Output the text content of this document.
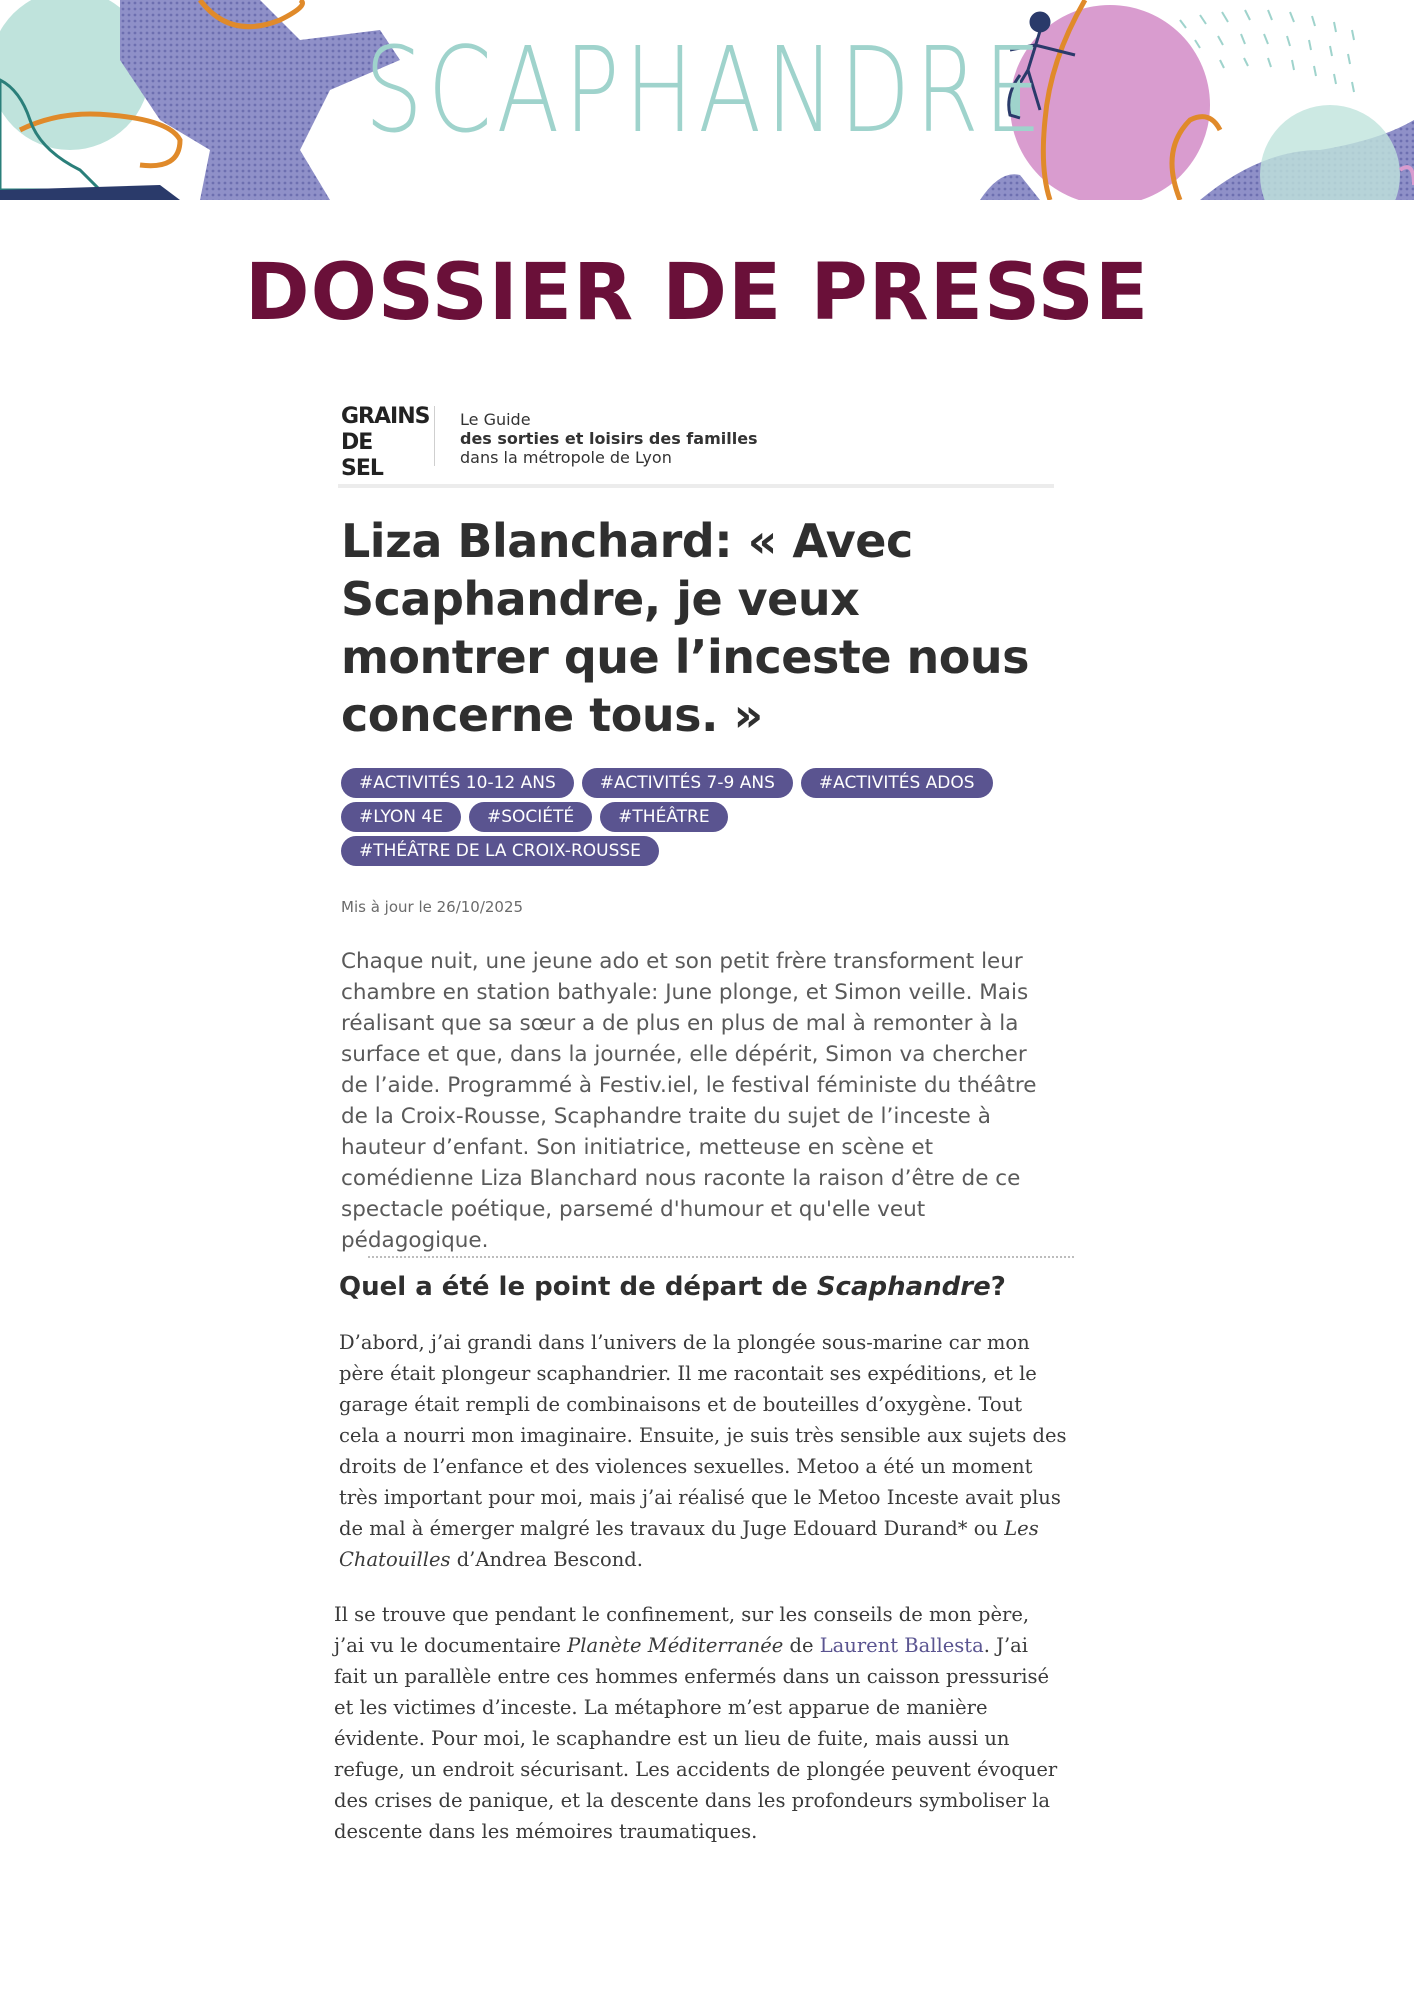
SCAPHANDRE
DOSSIER DE PRESSE
GRAINS
DE SEL
Le Guide
des sorties et loisirs des familles
dans la métropole de Lyon
Liza Blanchard: « Avec Scaphandre, je veux montrer que l’inceste nous concerne tous. »
#ACTIVITÉS 10-12 ANS	#ACTIVITÉS 7-9 ANS	#ACTIVITÉS ADOS
#LYON 4E	#SOCIÉTÉ	#THÉÂTRE
#THÉÂTRE DE LA CROIX-ROUSSE
Mis à jour le 26/10/2025

Chaque nuit, une jeune ado et son petit frère transforment leur chambre en station bathyale: June plonge, et Simon veille. Mais réalisant que sa sœur a de plus en plus de mal à remonter à la surface et que, dans la journée, elle dépérit, Simon va chercher de l’aide. Programmé à Festiv.iel, le festival féministe du théâtre de la Croix-Rousse, Scaphandre traite du sujet de l’inceste à hauteur d’enfant. Son initiatrice, metteuse en scène et comédienne Liza Blanchard nous raconte la raison d’être de ce spectacle poétique, parsemé d'humour et qu'elle veut pédagogique.

Quel a été le point de départ de Scaphandre?

D’abord, j’ai grandi dans l’univers de la plongée sous-marine car mon père était plongeur scaphandrier. Il me racontait ses expéditions, et le garage était rempli de combinaisons et de bouteilles d’oxygène. Tout cela a nourri mon imaginaire. Ensuite, je suis très sensible aux sujets des droits de l’enfance et des violences sexuelles. Metoo a été un moment très important pour moi, mais j’ai réalisé que le Metoo Inceste avait plus de mal à émerger malgré les travaux du Juge Edouard Durand* ou Les Chatouilles d’Andrea Bescond.

Il se trouve que pendant le confinement, sur les conseils de mon père, j’ai vu le documentaire Planète Méditerranée de Laurent Ballesta. J’ai fait un parallèle entre ces hommes enfermés dans un caisson pressurisé et les victimes d’inceste. La métaphore m’est apparue de manière évidente. Pour moi, le scaphandre est un lieu de fuite, mais aussi un refuge, un endroit sécurisant. Les accidents de plongée peuvent évoquer des crises de panique, et la descente dans les profondeurs symboliser la descente dans les mémoires traumatiques.
